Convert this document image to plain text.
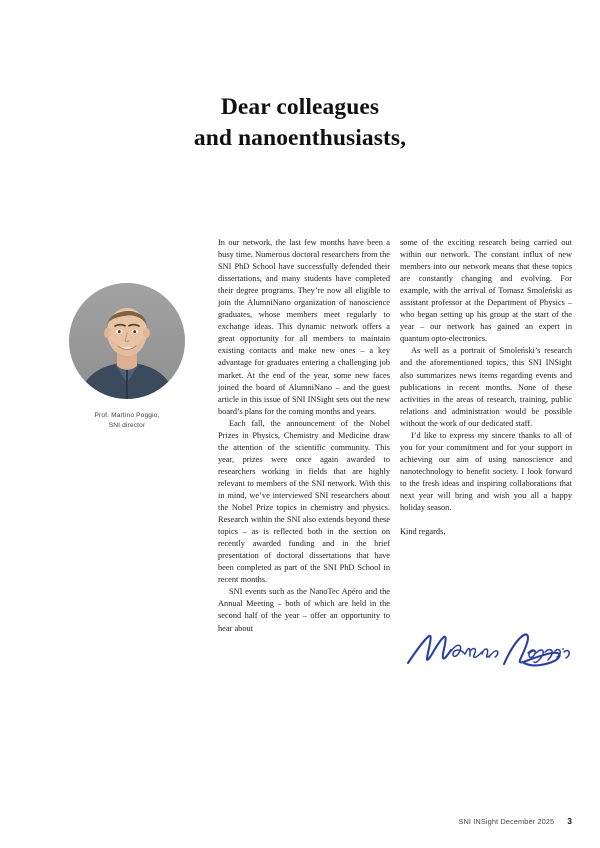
Dear colleagues
and nanoenthusiasts,
Prof. Martino Poggio,
SNI director

In our network, the last few months have been a busy time. Numerous doctoral researchers from the SNI PhD School have successfully defended their dissertations, and many students have completed their degree programs. They’re now all eligible to join the AlumniNano organization of nanoscience graduates, whose members meet regularly to exchange ideas. This dynamic network offers a great opportunity for all members to maintain existing contacts and make new ones – a key advantage for graduates entering a challenging job market. At the end of the year, some new faces joined the board of AlumniNano – and the guest article in this issue of SNI INSight sets out the new board’s plans for the coming months and years.

Each fall, the announcement of the Nobel Prizes in Physics, Chemistry and Medicine draw the attention of the scientific community. This year, prizes were once again awarded to researchers working in fields that are highly relevant to members of the SNI network. With this in mind, we’ve interviewed SNI researchers about the Nobel Prize topics in chemistry and physics. Research within the SNI also extends beyond these topics – as is reflected both in the section on recently awarded funding and in the brief presentation of doctoral dissertations that have been completed as part of the SNI PhD School in recent months.

SNI events such as the NanoTec Apéro and the Annual Meeting – both of which are held in the second half of the year – offer an opportunity to hear about

some of the exciting research being carried out within our network. The constant influx of new members into our network means that these topics are constantly changing and evolving. For example, with the arrival of Tomasz Smoleński as assistant professor at the Department of Physics – who began setting up his group at the start of the year – our network has gained an expert in quantum opto-electronics.

As well as a portrait of Smoleński’s research and the aforementioned topics, this SNI INSight also summarizes news items regarding events and publications in recent months. None of these activities in the areas of research, training, public relations and administration would be possible without the work of our dedicated staff.

I’d like to express my sincere thanks to all of you for your commitment and for your support in achieving our aim of using nanoscience and nanotechnology to benefit society. I look forward to the fresh ideas and inspiring collaborations that next year will bring and wish you all a happy holiday season.

Kind regards,

SNI INSight December 2025 3
